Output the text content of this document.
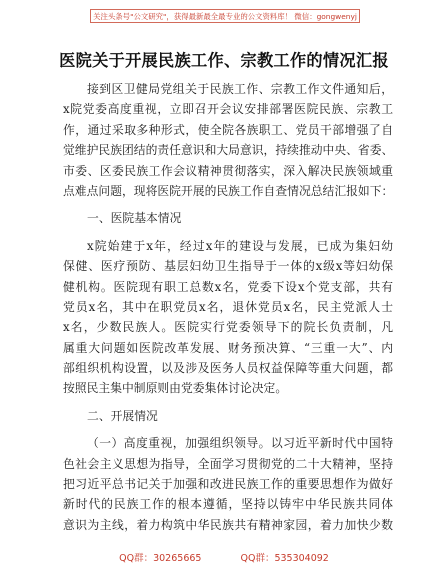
关注头条号"公文研究"，获得最新最全最专业的公文资料库！ 微信：gongwenyj
医院关于开展民族工作、宗教工作的情况汇报
接到区卫健局党组关于民族工作、宗教工作文件通知后，
x院党委高度重视，立即召开会议安排部署医院民族、宗教工
作，通过采取多种形式，使全院各族职工、党员干部增强了自
觉维护民族团结的责任意识和大局意识，持续推动中央、省委、
市委、区委民族工作会议精神贯彻落实，深入解决民族领域重
点难点问题，现将医院开展的民族工作自查情况总结汇报如下：
一、医院基本情况
x院始建于x年，经过x年的建设与发展，已成为集妇幼
保健、医疗预防、基层妇幼卫生指导于一体的x级x等妇幼保
健机构。医院现有职工总数x名，党委下设x个党支部，共有
党员x名，其中在职党员x名，退休党员x名，民主党派人士
x名，少数民族人。医院实行党委领导下的院长负责制，凡
属重大问题如医院改革发展、财务预决算、“三重一大”、内
部组织机构设置，以及涉及医务人员权益保障等重大问题，都
按照民主集中制原则由党委集体讨论决定。
二、开展情况
（一）高度重视，加强组织领导。以习近平新时代中国特
色社会主义思想为指导，全面学习贯彻党的二十大精神，坚持
把习近平总书记关于加强和改进民族工作的重要思想作为做好
新时代的民族工作的根本遵循，坚持以铸牢中华民族共同体
意识为主线，着力构筑中华民族共有精神家园，着力加快少数
QQ群：30265665	QQ群：535304092
